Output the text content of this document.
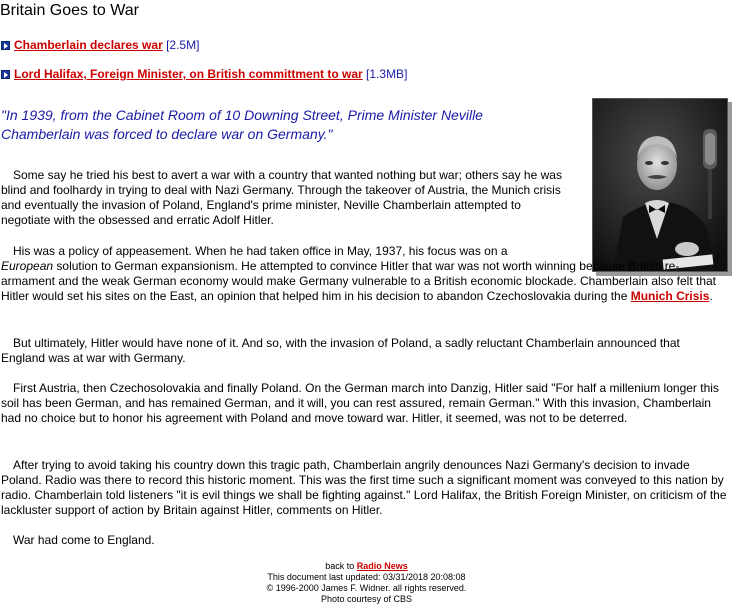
Britain Goes to War
Chamberlain declares war [2.5M]
Lord Halifax, Foreign Minister, on British committment to war [1.3MB]
"In 1939, from the Cabinet Room of 10 Downing Street, Prime Minister Neville Chamberlain was forced to declare war on Germany."

Some say he tried his best to avert a war with a country that wanted nothing but war; others say he was blind and foolhardy in trying to deal with Nazi Germany. Through the takeover of Austria, the Munich crisis and eventually the invasion of Poland, England's prime minister, Neville Chamberlain attempted to negotiate with the obsessed and erratic Adolf Hitler.

His was a policy of appeasement. When he had taken office in May, 1937, his focus was on a

European solution to German expansionism. He attempted to convince Hitler that war was not worth winning because British re-armament and the weak German economy would make Germany vulnerable to a British economic blockade. Chamberlain also felt that Hitler would set his sites on the East, an opinion that helped him in his decision to abandon Czechoslovakia during the Munich Crisis.

But ultimately, Hitler would have none of it. And so, with the invasion of Poland, a sadly reluctant Chamberlain announced that England was at war with Germany.

First Austria, then Czechosolovakia and finally Poland. On the German march into Danzig, Hitler said "For half a millenium longer this soil has been German, and has remained German, and it will, you can rest assured, remain German." With this invasion, Chamberlain had no choice but to honor his agreement with Poland and move toward war. Hitler, it seemed, was not to be deterred.

After trying to avoid taking his country down this tragic path, Chamberlain angrily denounces Nazi Germany's decision to invade Poland. Radio was there to record this historic moment. This was the first time such a significant moment was conveyed to this nation by radio. Chamberlain told listeners "it is evil things we shall be fighting against." Lord Halifax, the British Foreign Minister, on criticism of the lackluster support of action by Britain against Hitler, comments on Hitler.

War had come to England.

back to Radio News
This document last updated: 03/31/2018 20:08:08
© 1996-2000 James F. Widner. all rights reserved.
Photo courtesy of CBS
